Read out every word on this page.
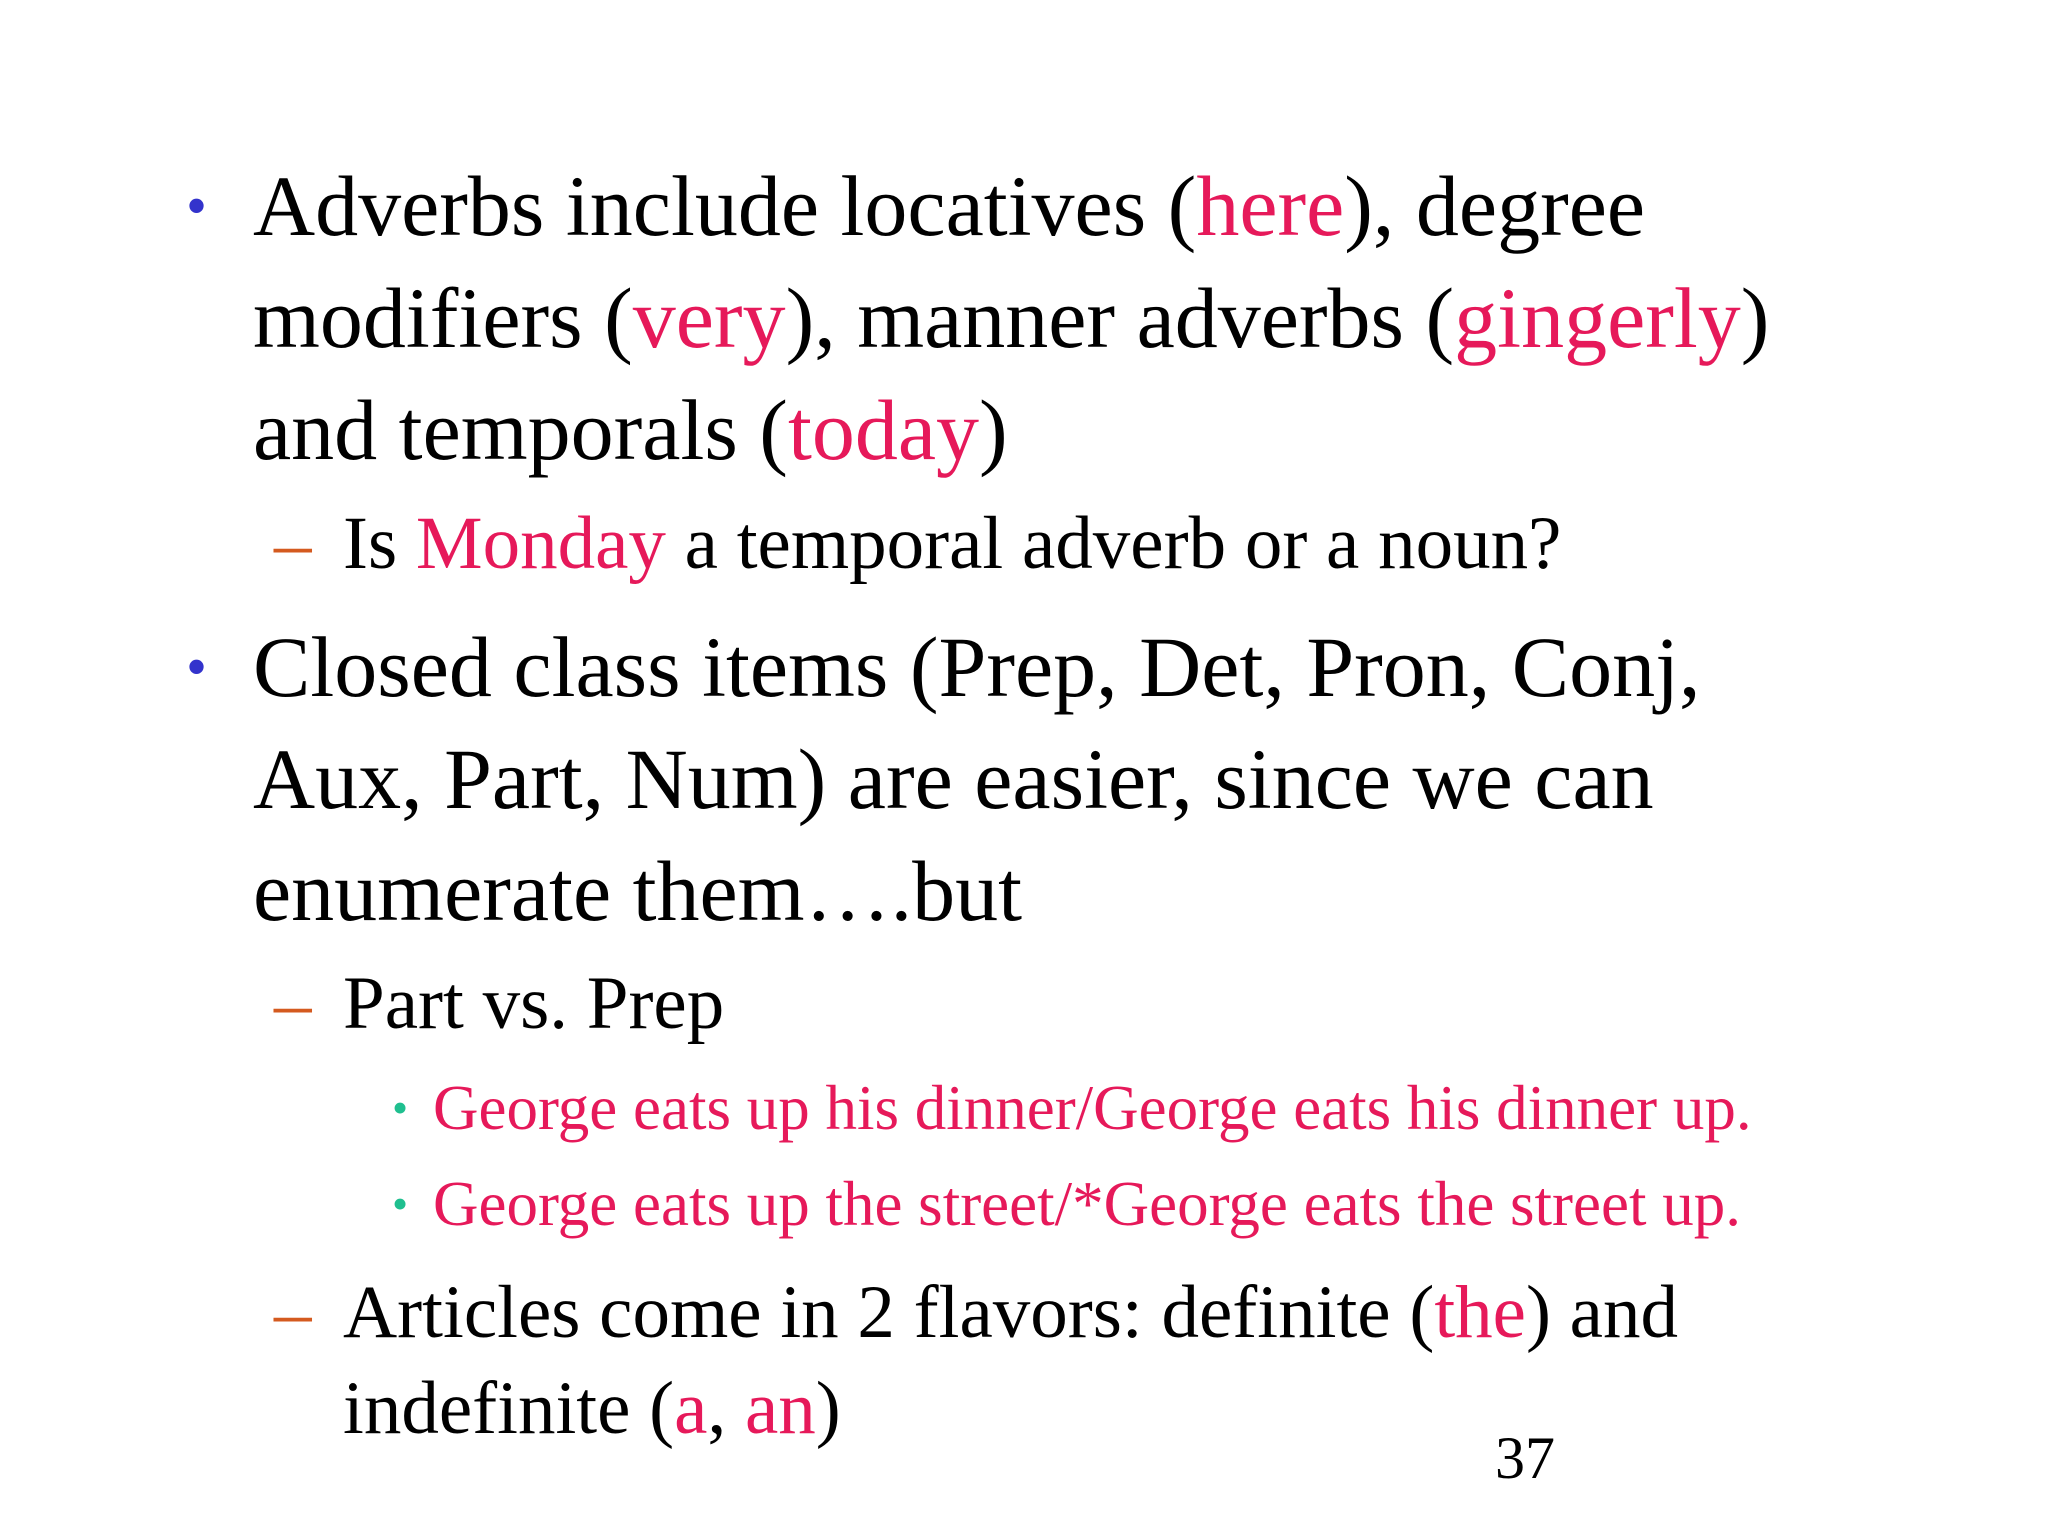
• Adverbs include locatives (here), degree
modifiers (very), manner adverbs (gingerly)
and temporals (today)
– Is Monday a temporal adverb or a noun?
• Closed class items (Prep, Det, Pron, Conj,
Aux, Part, Num) are easier, since we can
enumerate them….but
– Part vs. Prep
• George eats up his dinner/George eats his dinner up.
• George eats up the street/*George eats the street up.
– Articles come in 2 flavors: definite (the) and
indefinite (a, an)
37
